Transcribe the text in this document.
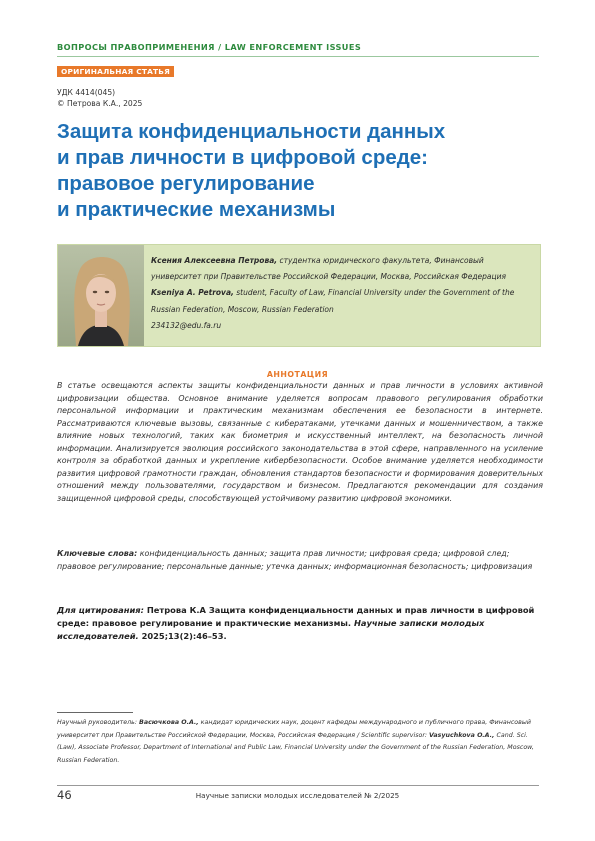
ВОПРОСЫ ПРАВОПРИМЕНЕНИЯ / LAW ENFORCEMENT ISSUES
ОРИГИНАЛЬНАЯ СТАТЬЯ
УДК 4414(045)
© Петрова К.А., 2025
Защита конфиденциальности данных
и прав личности в цифровой среде:
правовое регулирование
и практические механизмы
Ксения Алексеевна Петрова, студентка юридического факультета, Финансовый университет при Правительстве Российской Федерации, Москва, Российская Федерация
Kseniya A. Petrova, student, Faculty of Law, Financial University under the Government of the Russian Federation, Moscow, Russian Federation
234132@edu.fa.ru
АННОТАЦИЯ

В статье освещаются аспекты защиты конфиденциальности данных и прав личности в условиях активной цифровизации общества. Основное внимание уделяется вопросам правового регулирования обработки персональной информации и практическим механизмам обеспечения ее безопасности в интернете. Рассматриваются ключевые вызовы, связанные с кибератаками, утечками данных и мошенничеством, а также влияние новых технологий, таких как биометрия и искусственный интеллект, на безопасность личной информации. Анализируется эволюция российского законодательства в этой сфере, направленного на усиление контроля за обработкой данных и укрепление кибербезопасности. Особое внимание уделяется необходимости развития цифровой грамотности граждан, обновления стандартов безопасности и формирования доверительных отношений между пользователями, государством и бизнесом. Предлагаются рекомендации для создания защищенной цифровой среды, способствующей устойчивому развитию цифровой экономики.

Ключевые слова: конфиденциальность данных; защита прав личности; цифровая среда; цифровой след; правовое регулирование; персональные данные; утечка данных; информационная безопасность; цифровизация

Для цитирования: Петрова К.А Защита конфиденциальности данных и прав личности в цифровой среде: правовое регулирование и практические механизмы. Научные записки молодых исследователей. 2025;13(2):46–53.

Научный руководитель: Васючкова О.А., кандидат юридических наук, доцент кафедры международного и публичного права, Финансовый университет при Правительстве Российской Федерации, Москва, Российская Федерация / Scientific supervisor: Vasyuchkova O.A., Cand. Sci. (Law), Associate Professor, Department of International and Public Law, Financial University under the Government of the Russian Federation, Moscow, Russian Federation.

46	Научные записки молодых исследователей № 2/2025
